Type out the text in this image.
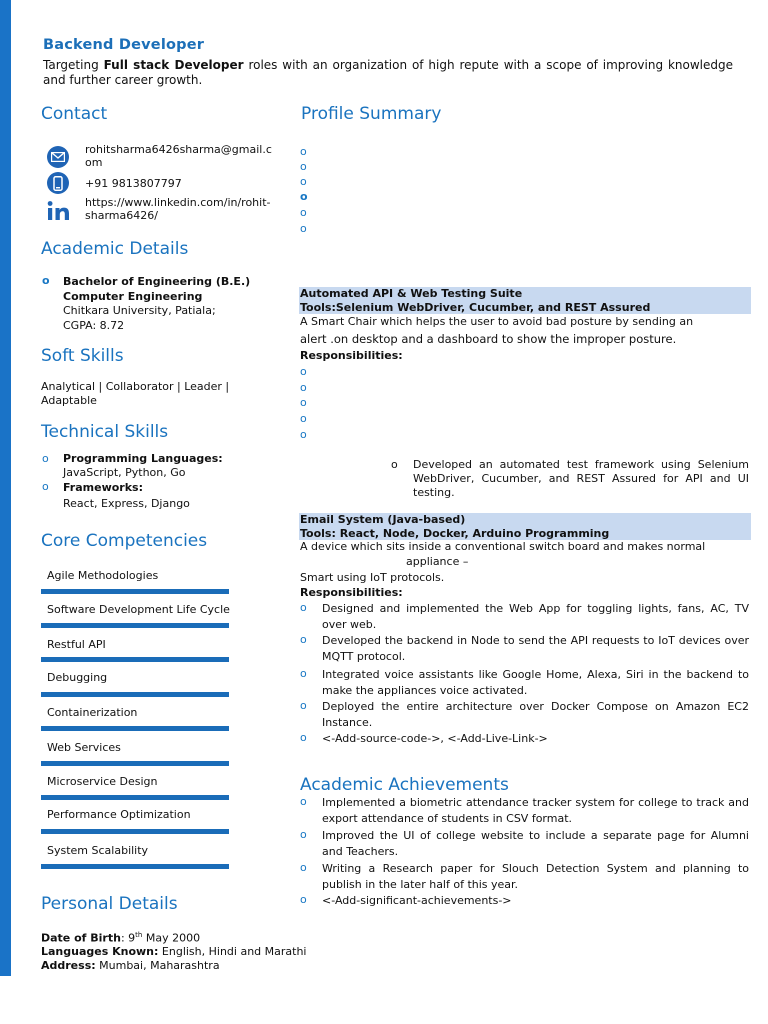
Backend Developer
Targeting Full stack Developer roles with an organization of high repute with a scope of improving knowledge and further career growth.
Contact
rohitsharma6426sharma@gmail.c
om
+91 9813807797
https://www.linkedin.com/in/rohit-
sharma6426/
Academic Details
o Bachelor of Engineering (B.E.)
Computer Engineering
Chitkara University, Patiala;
CGPA: 8.72
Soft Skills
Analytical | Collaborator | Leader |
Adaptable
Technical Skills
o Programming Languages:
JavaScript, Python, Go
o Frameworks:
React, Express, Django
Core Competencies
Agile Methodologies
Software Development Life Cycle
Restful API
Debugging
Containerization
Web Services
Microservice Design
Performance Optimization
System Scalability
Personal Details
Date of Birth: 9th May 2000
Languages Known: English, Hindi and Marathi
Address: Mumbai, Maharashtra
Profile Summary
o
o
o
o
o
o
Automated API & Web Testing Suite
Tools:Selenium WebDriver, Cucumber, and REST Assured
A Smart Chair which helps the user to avoid bad posture by sending an
alert .on desktop and a dashboard to show the improper posture.
Responsibilities:
o
o
o
o
o
o Developed an automated test framework using Selenium WebDriver, Cucumber, and REST Assured for API and UI testing.
Email System (Java-based)
Tools: React, Node, Docker, Arduino Programming
A device which sits inside a conventional switch board and makes normal
appliance –
Smart using IoT protocols.
Responsibilities:
o Designed and implemented the Web App for toggling lights, fans, AC, TV over web.
o Developed the backend in Node to send the API requests to IoT devices over MQTT protocol.
o Integrated voice assistants like Google Home, Alexa, Siri in the backend to make the appliances voice activated.
o Deployed the entire architecture over Docker Compose on Amazon EC2 Instance.
o <-Add-source-code->, <-Add-Live-Link->
Academic Achievements
o Implemented a biometric attendance tracker system for college to track and export attendance of students in CSV format.
o Improved the UI of college website to include a separate page for Alumni and Teachers.
o Writing a Research paper for Slouch Detection System and planning to publish in the later half of this year.
o <-Add-significant-achievements->
